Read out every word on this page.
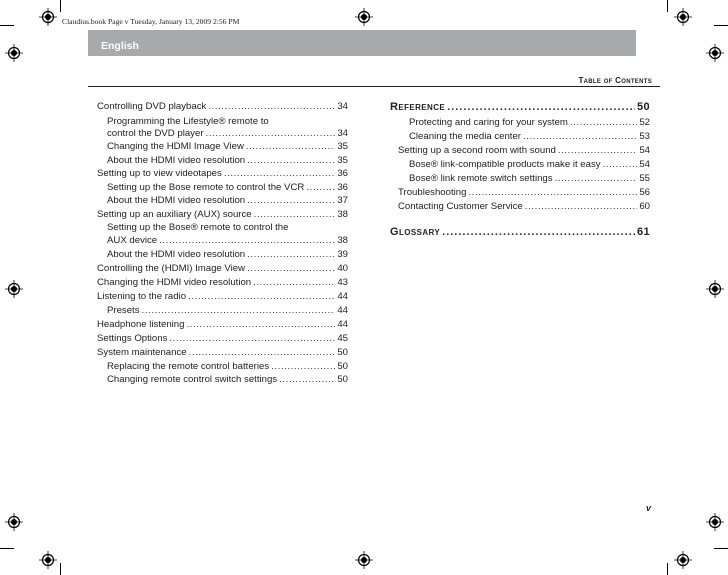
Claudius.book Page v Tuesday, January 13, 2009 2:56 PM
English
Table of Contents
Controlling DVD playback .....	34
Programming the Lifestyle® remote to
control the DVD player .....	34
Changing the HDMI Image View .....	35
About the HDMI video resolution .....	35
Setting up to view videotapes .....	36
Setting up the Bose remote to control the VCR .....	36
About the HDMI video resolution .....	37
Setting up an auxiliary (AUX) source .....	38
Setting up the Bose® remote to control the
AUX device .....	38
About the HDMI video resolution .....	39
Controlling the (HDMI) Image View .....	40
Changing the HDMI video resolution .....	43
Listening to the radio .....	44
Presets .....	44
Headphone listening .....	44
Settings Options .....	45
System maintenance .....	50
Replacing the remote control batteries .....	50
Changing remote control switch settings .....	50
Reference .....	50
Protecting and caring for your system .....	52
Cleaning the media center .....	53
Setting up a second room with sound .....	54
Bose® link-compatible products make it easy .....	54
Bose® link remote switch settings .....	55
Troubleshooting .....	56
Contacting Customer Service .....	60
Glossary .....	61
v
